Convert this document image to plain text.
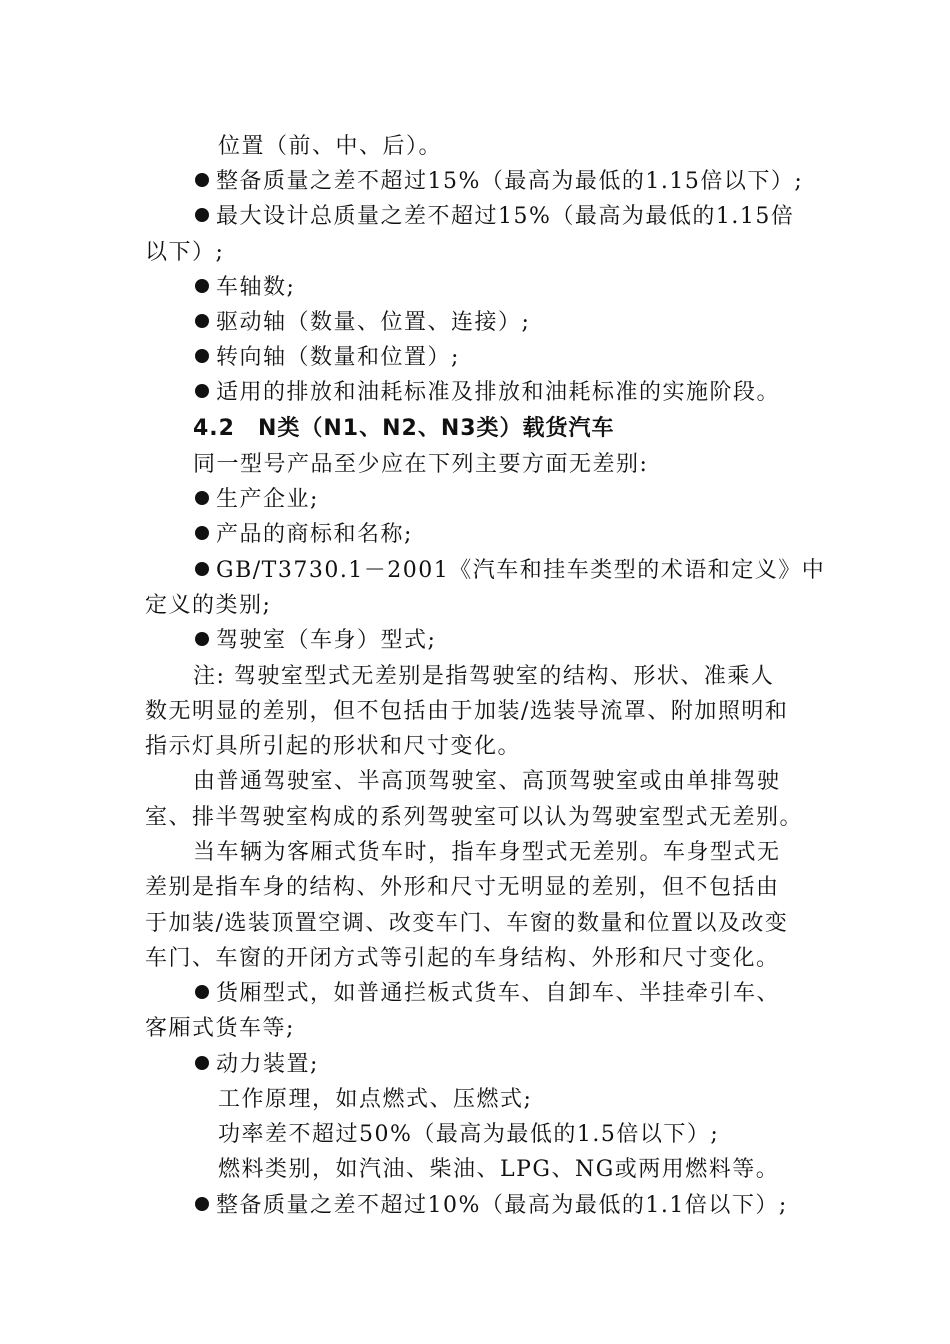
位置（前、中、后）。
整备质量之差不超过15%（最高为最低的1.15倍以下）;
最大设计总质量之差不超过15%（最高为最低的1.15倍
以下）;
车轴数;
驱动轴（数量、位置、连接）;
转向轴（数量和位置）;
适用的排放和油耗标准及排放和油耗标准的实施阶段。
4.2　N类（N1、N2、N3类）载货汽车
同一型号产品至少应在下列主要方面无差别:
生产企业;
产品的商标和名称;
GB/T3730.1－2001《汽车和挂车类型的术语和定义》中
定义的类别;
驾驶室（车身）型式;
注: 驾驶室型式无差别是指驾驶室的结构、形状、准乘人
数无明显的差别，但不包括由于加装/选装导流罩、附加照明和
指示灯具所引起的形状和尺寸变化。
由普通驾驶室、半高顶驾驶室、高顶驾驶室或由单排驾驶
室、排半驾驶室构成的系列驾驶室可以认为驾驶室型式无差别。
当车辆为客厢式货车时，指车身型式无差别。车身型式无
差别是指车身的结构、外形和尺寸无明显的差别，但不包括由
于加装/选装顶置空调、改变车门、车窗的数量和位置以及改变
车门、车窗的开闭方式等引起的车身结构、外形和尺寸变化。
货厢型式，如普通拦板式货车、自卸车、半挂牵引车、
客厢式货车等;
动力装置;
工作原理，如点燃式、压燃式;
功率差不超过50%（最高为最低的1.5倍以下）;
燃料类别，如汽油、柴油、LPG、NG或两用燃料等。
整备质量之差不超过10%（最高为最低的1.1倍以下）;
